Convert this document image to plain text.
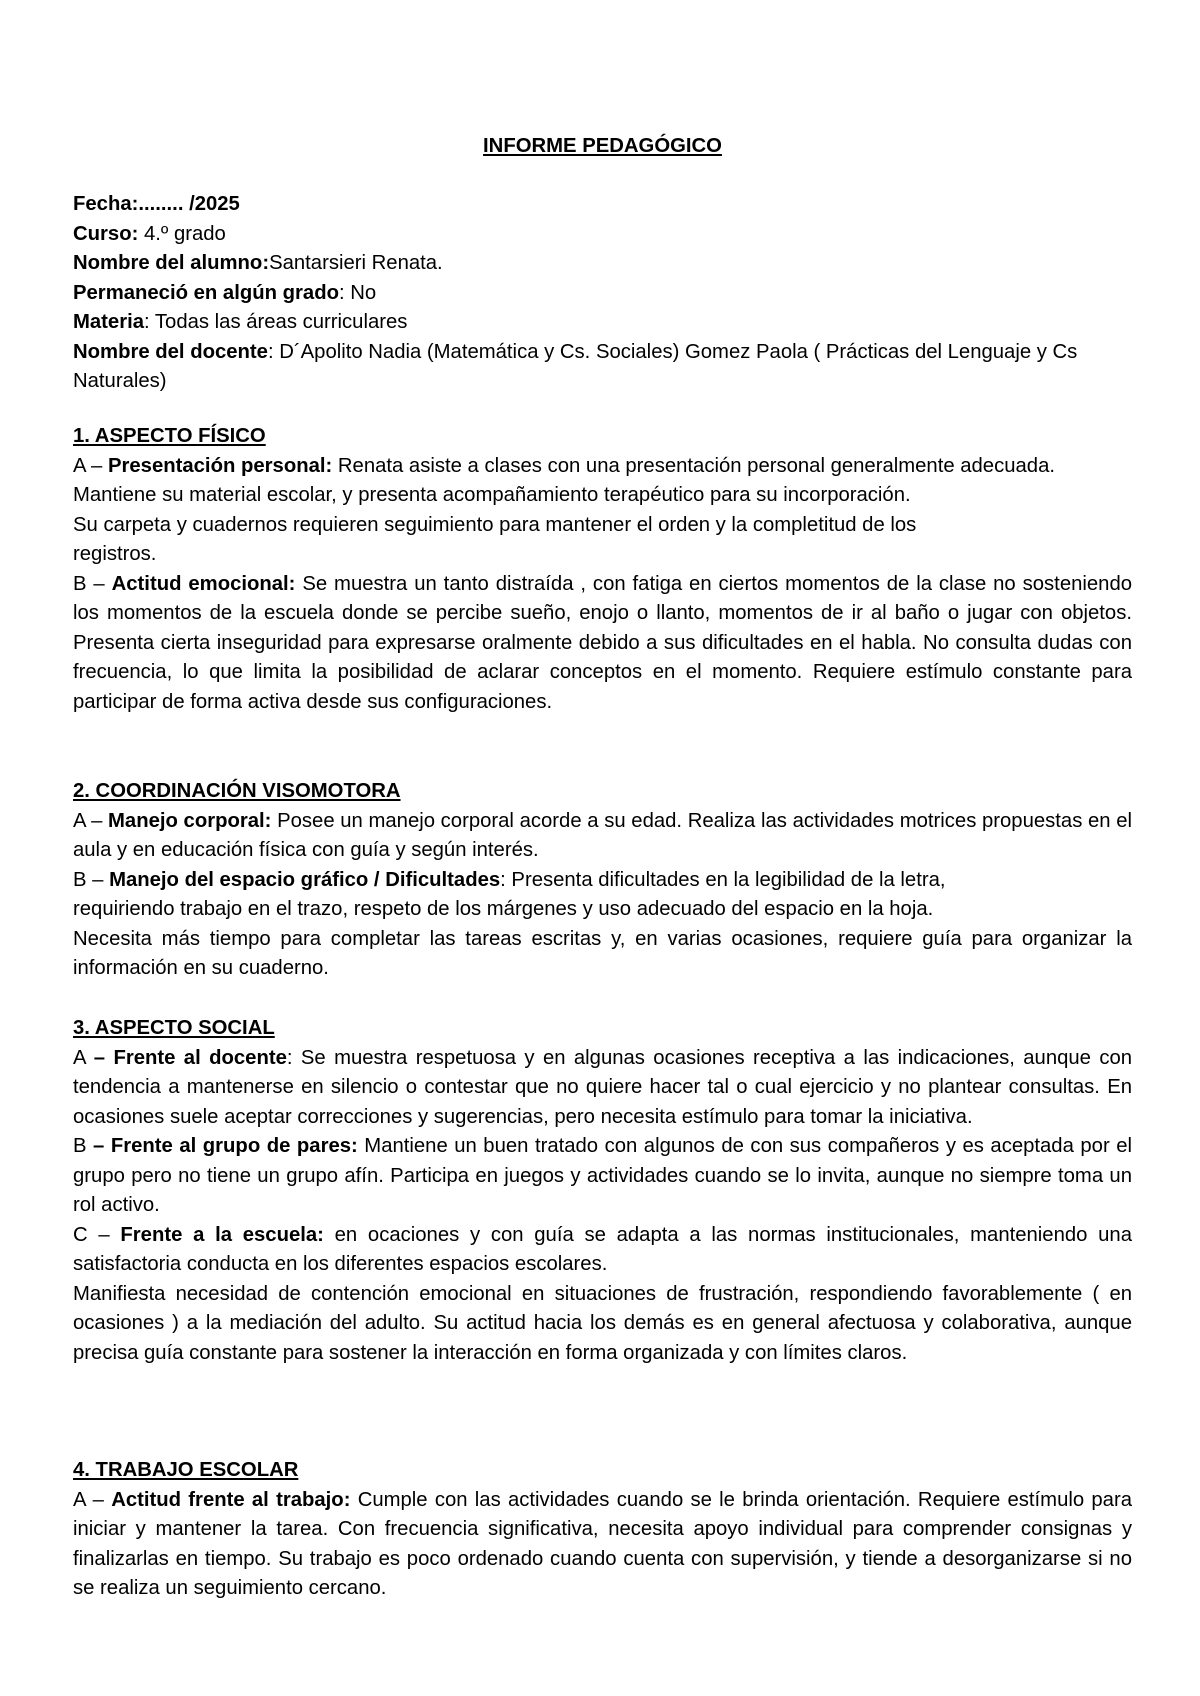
INFORME PEDAGÓGICO
Fecha:........ /2025
Curso: 4.º grado
Nombre del alumno:Santarsieri Renata.
Permaneció en algún grado: No
Materia: Todas las áreas curriculares
Nombre del docente: D´Apolito Nadia (Matemática y Cs. Sociales) Gomez Paola ( Prácticas del Lenguaje y Cs Naturales)
1. ASPECTO FÍSICO

A – Presentación personal: Renata asiste a clases con una presentación personal generalmente adecuada.

Mantiene su material escolar, y presenta acompañamiento terapéutico para su incorporación.

Su carpeta y cuadernos requieren seguimiento para mantener el orden y la completitud de los registros.

B – Actitud emocional: Se muestra un tanto distraída , con fatiga en ciertos momentos de la clase no sosteniendo los momentos de la escuela donde se percibe sueño, enojo o llanto, momentos de ir al baño o jugar con objetos. Presenta cierta inseguridad para expresarse oralmente debido a sus dificultades en el habla. No consulta dudas con frecuencia, lo que limita la posibilidad de aclarar conceptos en el momento. Requiere estímulo constante para participar de forma activa desde sus configuraciones.

2. COORDINACIÓN VISOMOTORA

A – Manejo corporal: Posee un manejo corporal acorde a su edad. Realiza las actividades motrices propuestas en el aula y en educación física con guía y según interés.

B – Manejo del espacio gráfico / Dificultades: Presenta dificultades en la legibilidad de la letra, requiriendo trabajo en el trazo, respeto de los márgenes y uso adecuado del espacio en la hoja.

Necesita más tiempo para completar las tareas escritas y, en varias ocasiones, requiere guía para organizar la información en su cuaderno.

3. ASPECTO SOCIAL

A – Frente al docente: Se muestra respetuosa y en algunas ocasiones receptiva a las indicaciones, aunque con tendencia a mantenerse en silencio o contestar que no quiere hacer tal o cual ejercicio y no plantear consultas. En ocasiones suele aceptar correcciones y sugerencias, pero necesita estímulo para tomar la iniciativa.

B – Frente al grupo de pares: Mantiene un buen tratado con algunos de con sus compañeros y es aceptada por el grupo pero no tiene un grupo afín. Participa en juegos y actividades cuando se lo invita, aunque no siempre toma un rol activo.

C – Frente a la escuela: en ocaciones y con guía se adapta a las normas institucionales, manteniendo una satisfactoria conducta en los diferentes espacios escolares.

Manifiesta necesidad de contención emocional en situaciones de frustración, respondiendo favorablemente ( en ocasiones ) a la mediación del adulto. Su actitud hacia los demás es en general afectuosa y colaborativa, aunque precisa guía constante para sostener la interacción en forma organizada y con límites claros.

4. TRABAJO ESCOLAR

A – Actitud frente al trabajo: Cumple con las actividades cuando se le brinda orientación. Requiere estímulo para iniciar y mantener la tarea. Con frecuencia significativa, necesita apoyo individual para comprender consignas y finalizarlas en tiempo. Su trabajo es poco ordenado cuando cuenta con supervisión, y tiende a desorganizarse si no se realiza un seguimiento cercano.
